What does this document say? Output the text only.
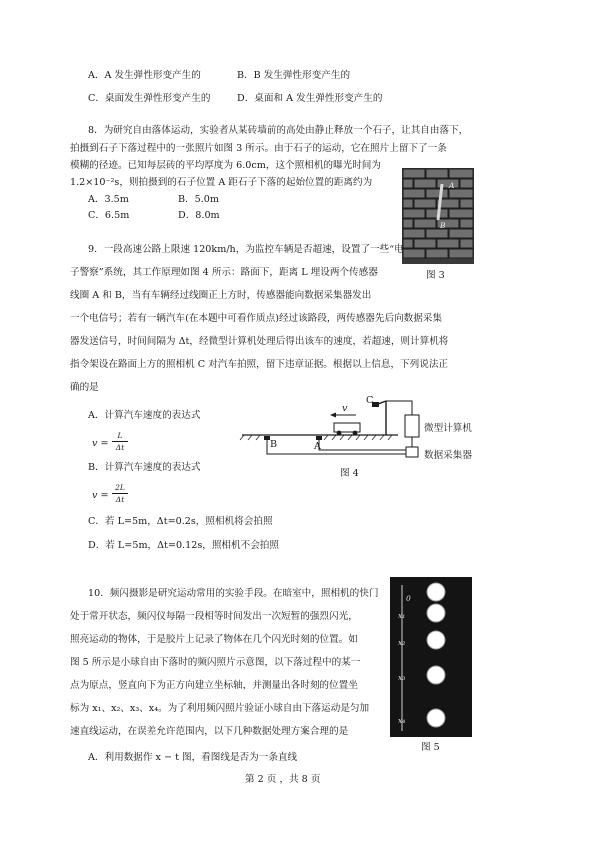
A．A 发生弹性形变产生的	B．B 发生弹性形变产生的
C．桌面发生弹性形变产生的	D．桌面和 A 发生弹性形变产生的
8．为研究自由落体运动，实验者从某砖墙前的高处由静止释放一个石子，让其自由落下，
拍摄到石子下落过程中的一张照片如图 3 所示。由于石子的运动，它在照片上留下了一条
模糊的径迹。已知每层砖的平均厚度为 6.0cm，这个照相机的曝光时间为
1.2×10⁻²s，则拍摄到的石子位置 A 距石子下落的起始位置的距离约为
A．3.5m	B．5.0m
C．6.5m	D．8.0m
A
B
图 3
9．一段高速公路上限速 120km/h，为监控车辆是否超速，设置了一些“电
子警察”系统，其工作原理如图 4 所示：路面下，距离 L 埋设两个传感器
线圈 A 和 B，当有车辆经过线圈正上方时，传感器能向数据采集器发出
一个电信号；若有一辆汽车(在本题中可看作质点)经过该路段，两传感器先后向数据采集
器发送信号，时间间隔为 Δt，经微型计算机处理后得出该车的速度，若超速，则计算机将
指令架设在路面上方的照相机 C 对汽车拍照，留下违章证据。根据以上信息，下列说法正
确的是
A．计算汽车速度的表达式
v =
L
Δt
B．计算汽车速度的表达式
v =
2L
Δt
C．若 L=5m，Δt=0.2s，照相机将会拍照
D．若 L=5m，Δt=0.12s，照相机不会拍照
B	A
C
v
微型计算机
数据采集器
图 4
10．频闪摄影是研究运动常用的实验手段。在暗室中，照相机的快门
处于常开状态，频闪仪每隔一段相等时间发出一次短暂的强烈闪光，
照亮运动的物体，于是胶片上记录了物体在几个闪光时刻的位置。如
图 5 所示是小球自由下落时的频闪照片示意图，以下落过程中的某一
点为原点，竖直向下为正方向建立坐标轴，并测量出各时刻的位置坐
标为 x₁、x₂、x₃、x₄。为了利用频闪照片验证小球自由下落运动是匀加
速直线运动，在误差允许范围内，以下几种数据处理方案合理的是
A．利用数据作 x − t 图，看图线是否为一条直线
0
x₁
x₂
x₃
x₄
图 5
第 2 页 ，共 8 页
